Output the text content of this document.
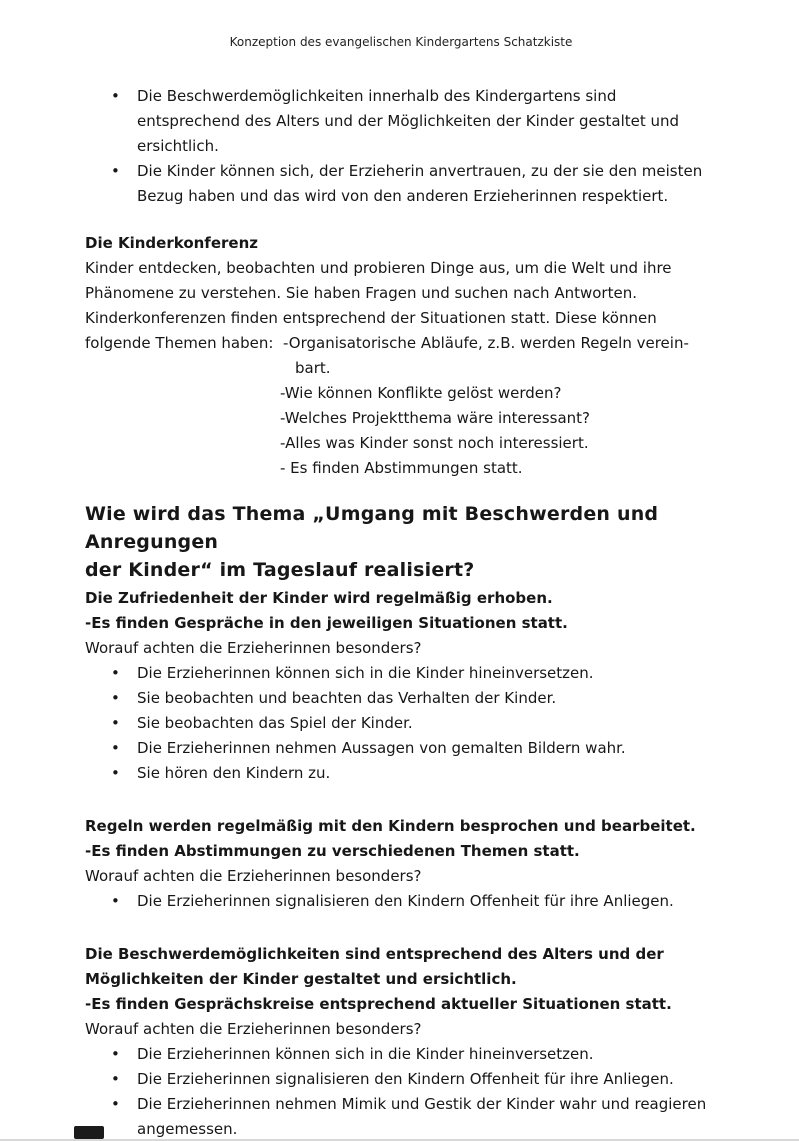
Konzeption des evangelischen Kindergartens Schatzkiste
• Die Beschwerdemöglichkeiten innerhalb des Kindergartens sind entsprechend des Alters und der Möglichkeiten der Kinder gestaltet und ersichtlich.
• Die Kinder können sich, der Erzieherin anvertrauen, zu der sie den meisten Bezug haben und das wird von den anderen Erzieherinnen respektiert.
Die Kinderkonferenz
Kinder entdecken, beobachten und probieren Dinge aus, um die Welt und ihre
Phänomene zu verstehen. Sie haben Fragen und suchen nach Antworten.
Kinderkonferenzen finden entsprechend der Situationen statt. Diese können
folgende Themen haben:  -Organisatorische Abläufe, z.B. werden Regeln verein-
bart.
-Wie können Konflikte gelöst werden?
-Welches Projektthema wäre interessant?
-Alles was Kinder sonst noch interessiert.
- Es finden Abstimmungen statt.
Wie wird das Thema „Umgang mit Beschwerden und Anregungen
der Kinder“ im Tageslauf realisiert?
Die Zufriedenheit der Kinder wird regelmäßig erhoben.
-Es finden Gespräche in den jeweiligen Situationen statt.
Worauf achten die Erzieherinnen besonders?
• Die Erzieherinnen können sich in die Kinder hineinversetzen.
• Sie beobachten und beachten das Verhalten der Kinder.
• Sie beobachten das Spiel der Kinder.
• Die Erzieherinnen nehmen Aussagen von gemalten Bildern wahr.
• Sie hören den Kindern zu.
Regeln werden regelmäßig mit den Kindern besprochen und bearbeitet.
-Es finden Abstimmungen zu verschiedenen Themen statt.
Worauf achten die Erzieherinnen besonders?
• Die Erzieherinnen signalisieren den Kindern Offenheit für ihre Anliegen.
Die Beschwerdemöglichkeiten sind entsprechend des Alters und der Möglichkeiten der Kinder gestaltet und ersichtlich.
-Es finden Gesprächskreise entsprechend aktueller Situationen statt.
Worauf achten die Erzieherinnen besonders?
• Die Erzieherinnen können sich in die Kinder hineinversetzen.
• Die Erzieherinnen signalisieren den Kindern Offenheit für ihre Anliegen.
• Die Erzieherinnen nehmen Mimik und Gestik der Kinder wahr und reagieren angemessen.
